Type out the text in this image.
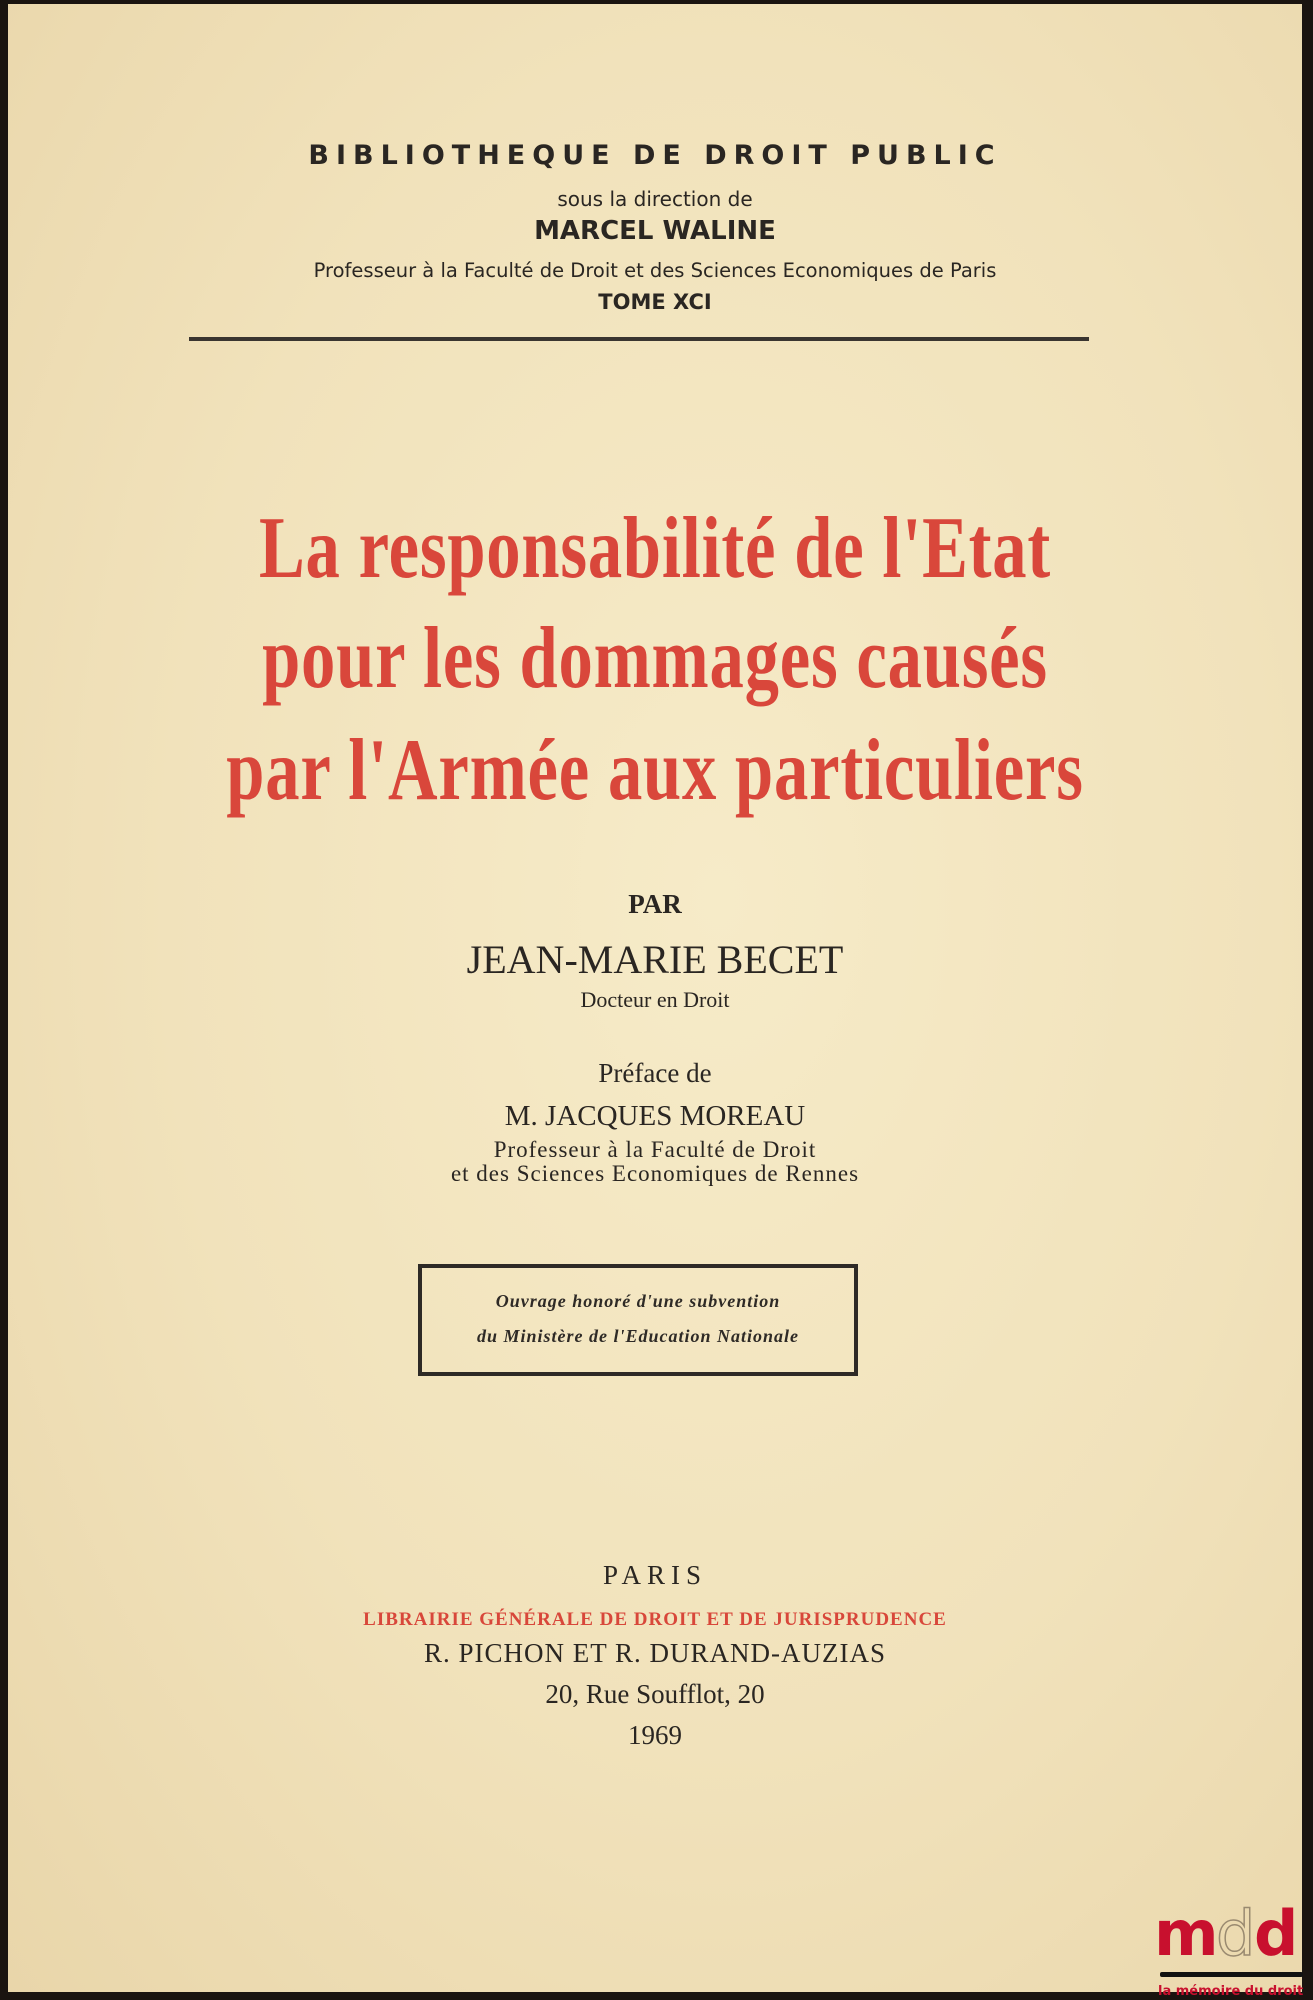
BIBLIOTHEQUE DE DROIT PUBLIC
sous la direction de
MARCEL WALINE
Professeur à la Faculté de Droit et des Sciences Economiques de Paris
TOME XCI
La responsabilité de l'Etat
pour les dommages causés
par l'Armée aux particuliers
PAR
JEAN-MARIE BECET
Docteur en Droit
Préface de
M. JACQUES MOREAU
Professeur à la Faculté de Droit
et des Sciences Economiques de Rennes
Ouvrage honoré d'une subvention
du Ministère de l'Education Nationale
PARIS
LIBRAIRIE GÉNÉRALE DE DROIT ET DE JURISPRUDENCE
R. PICHON ET R. DURAND-AUZIAS
20, Rue Soufflot, 20
1969
m
d
d
la mémoire du droit
